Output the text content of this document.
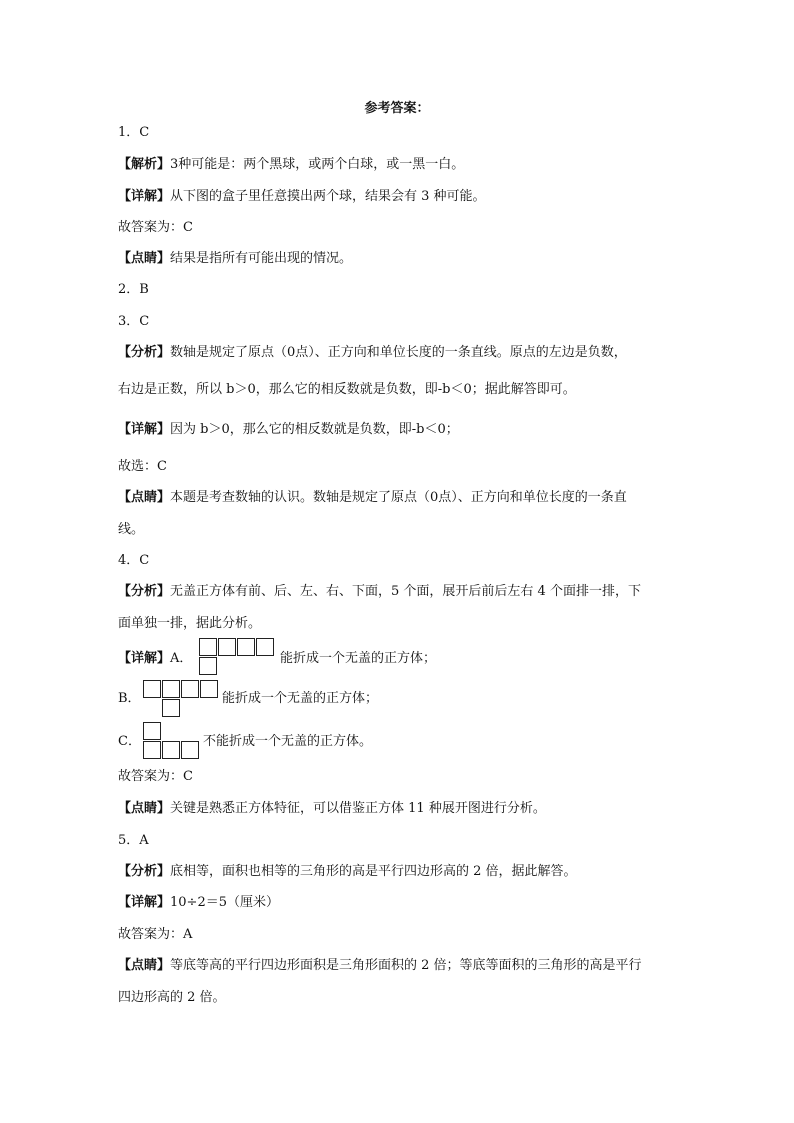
参考答案：
1．C
【解析】3种可能是：两个黑球，或两个白球，或一黑一白。
【详解】从下图的盒子里任意摸出两个球，结果会有 3 种可能。
故答案为：C
【点睛】结果是指所有可能出现的情况。
2．B
3．C
【分析】数轴是规定了原点（0点）、正方向和单位长度的一条直线。原点的左边是负数，
右边是正数，所以 b＞0，那么它的相反数就是负数，即-b＜0；据此解答即可。
【详解】因为 b＞0，那么它的相反数就是负数，即-b＜0；
故选：C
【点睛】本题是考查数轴的认识。数轴是规定了原点（0点）、正方向和单位长度的一条直
线。
4．C
【分析】无盖正方体有前、后、左、右、下面，5 个面，展开后前后左右 4 个面排一排，下
面单独一排，据此分析。
【详解】A．	能折成一个无盖的正方体；
B．	能折成一个无盖的正方体；
C．	不能折成一个无盖的正方体。
故答案为：C
【点睛】关键是熟悉正方体特征，可以借鉴正方体 11 种展开图进行分析。
5．A
【分析】底相等，面积也相等的三角形的高是平行四边形高的 2 倍，据此解答。
【详解】10÷2＝5（厘米）
故答案为：A
【点睛】等底等高的平行四边形面积是三角形面积的 2 倍；等底等面积的三角形的高是平行
四边形高的 2 倍。
